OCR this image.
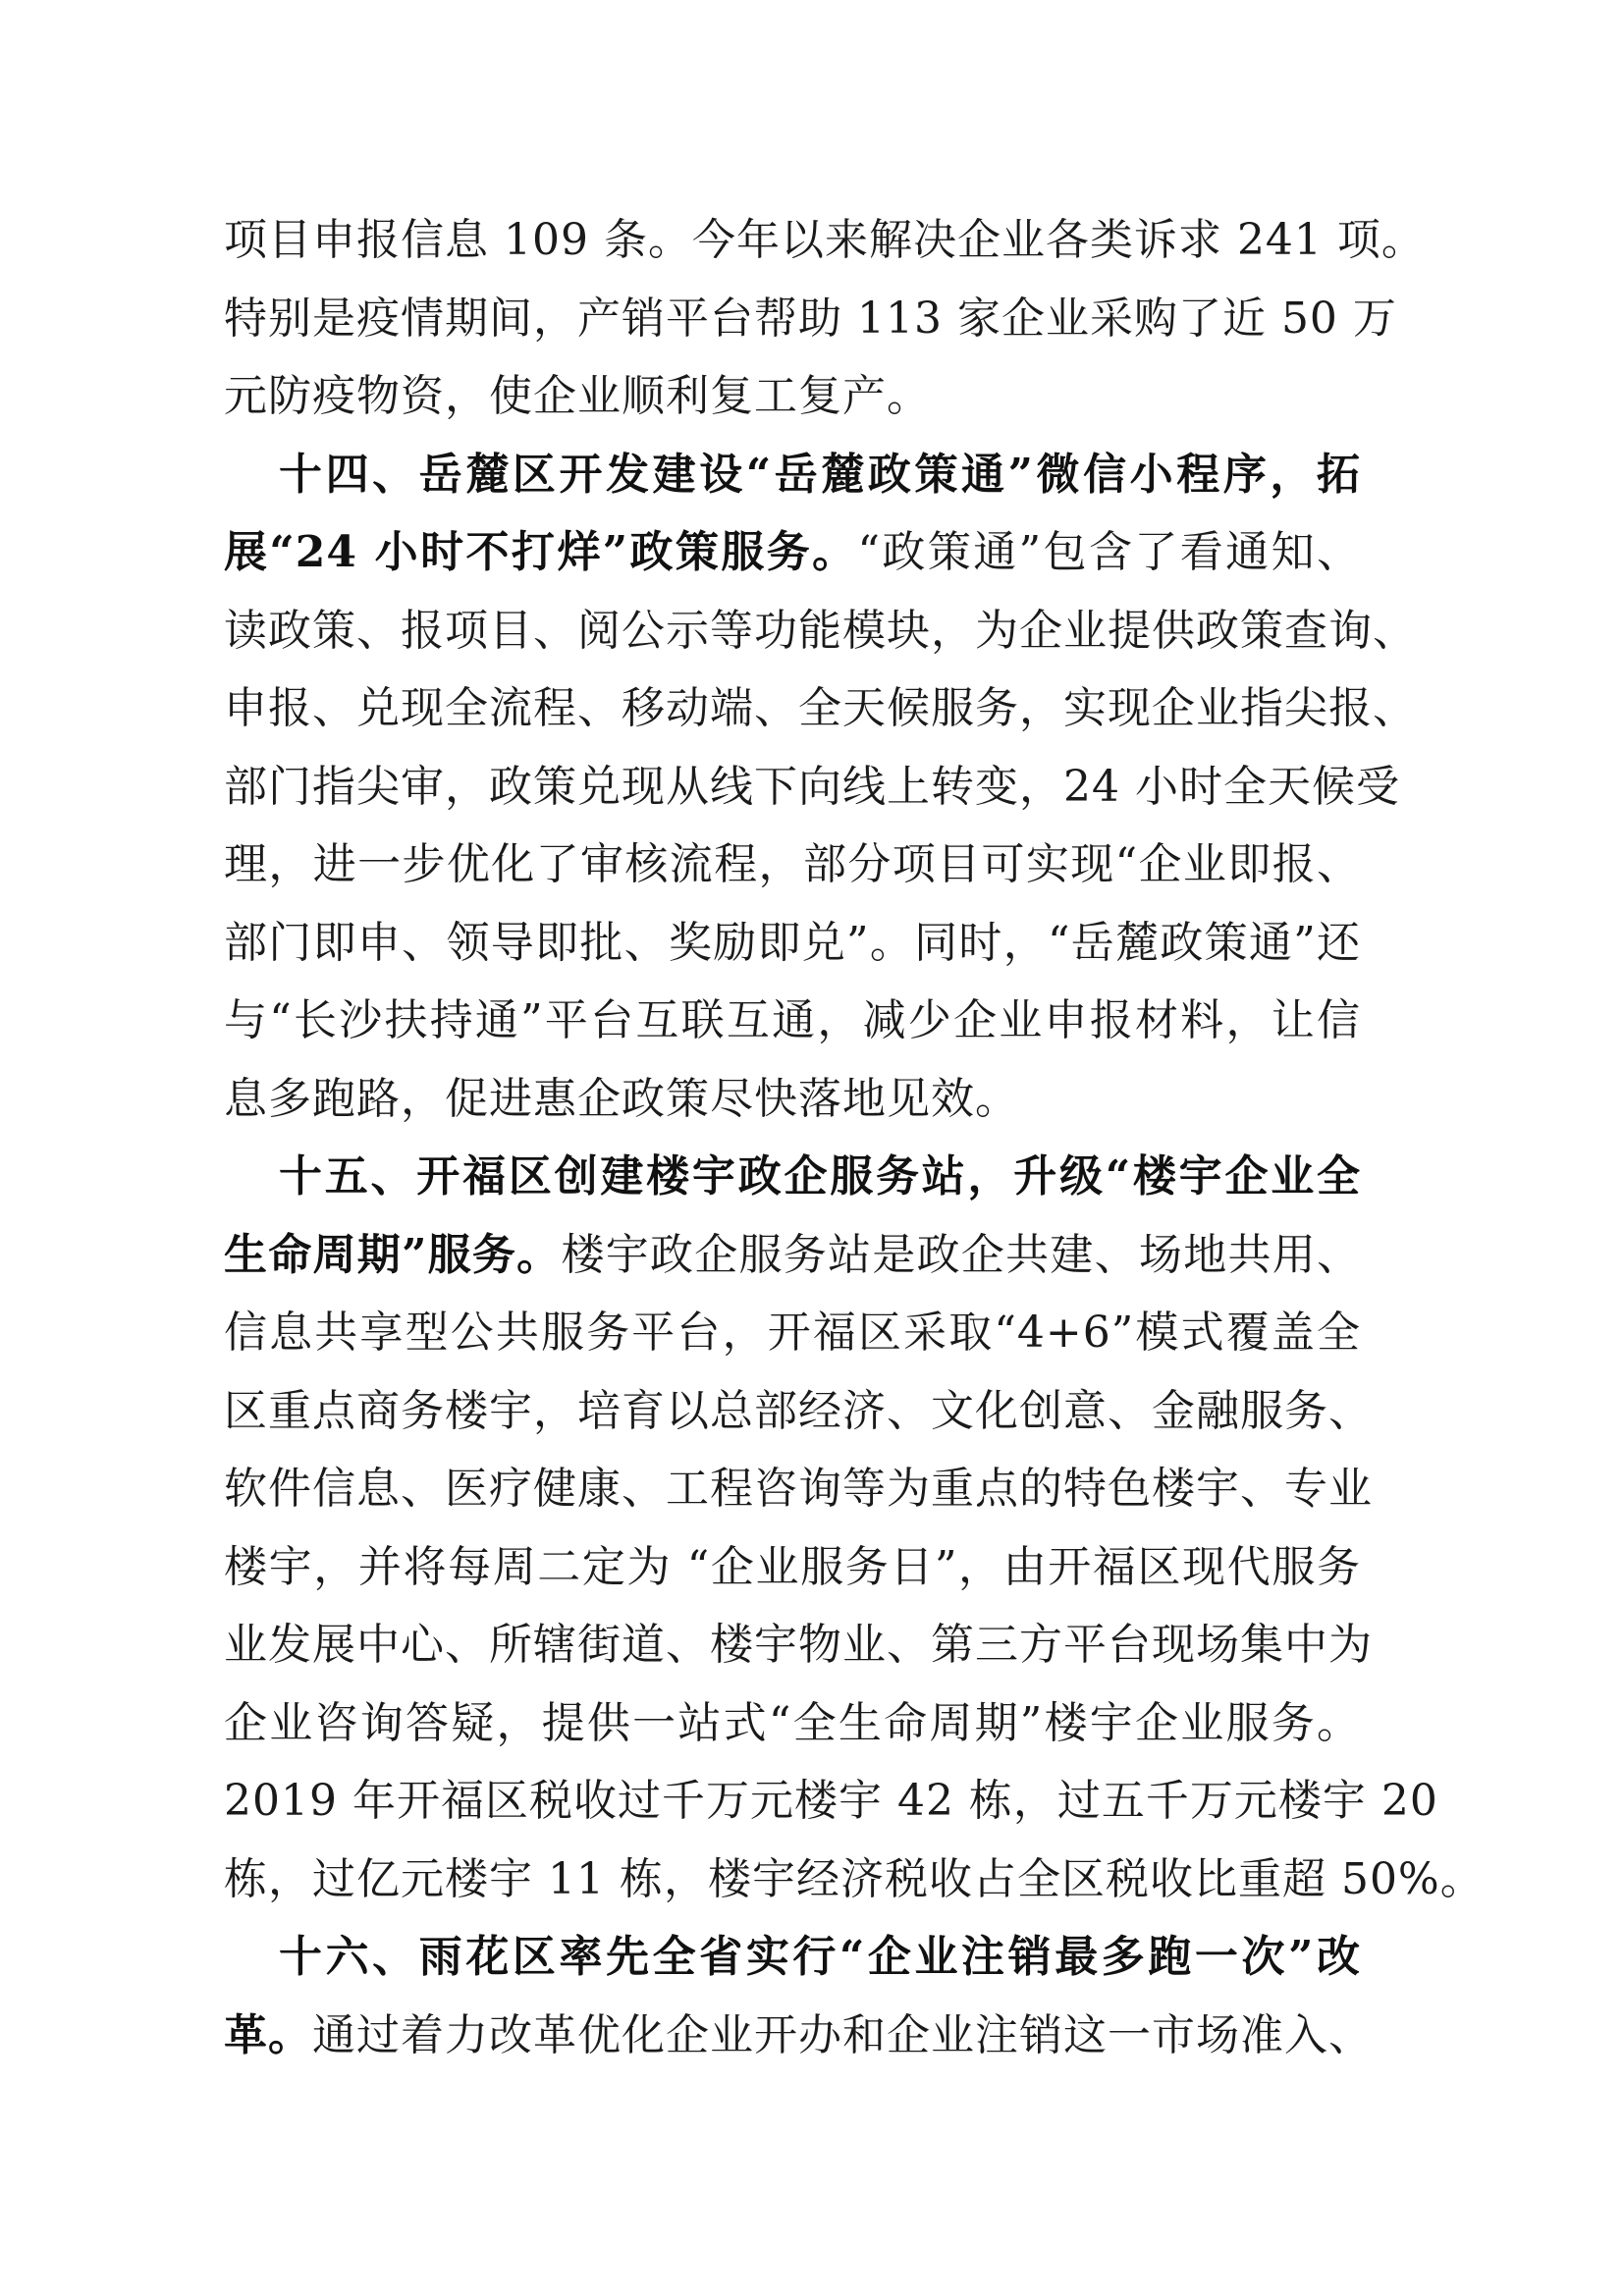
项目申报信息 109 条。今年以来解决企业各类诉求 241 项。
特别是疫情期间，产销平台帮助 113 家企业采购了近 50 万
元防疫物资，使企业顺利复工复产。
十四、岳麓区开发建设“岳麓政策通”微信小程序，拓
展“24 小时不打烊”政策服务。“政策通”包含了看通知、
读政策、报项目、阅公示等功能模块，为企业提供政策查询、
申报、兑现全流程、移动端、全天候服务，实现企业指尖报、
部门指尖审，政策兑现从线下向线上转变，24 小时全天候受
理，进一步优化了审核流程，部分项目可实现“企业即报、
部门即申、领导即批、奖励即兑”。同时，“岳麓政策通”还
与“长沙扶持通”平台互联互通，减少企业申报材料，让信
息多跑路，促进惠企政策尽快落地见效。
十五、开福区创建楼宇政企服务站，升级“楼宇企业全
生命周期”服务。楼宇政企服务站是政企共建、场地共用、
信息共享型公共服务平台，开福区采取“4+6”模式覆盖全
区重点商务楼宇，培育以总部经济、文化创意、金融服务、
软件信息、医疗健康、工程咨询等为重点的特色楼宇、专业
楼宇，并将每周二定为 “企业服务日”，由开福区现代服务
业发展中心、所辖街道、楼宇物业、第三方平台现场集中为
企业咨询答疑，提供一站式“全生命周期”楼宇企业服务。
2019 年开福区税收过千万元楼宇 42 栋，过五千万元楼宇 20
栋，过亿元楼宇 11 栋，楼宇经济税收占全区税收比重超 50%。
十六、雨花区率先全省实行“企业注销最多跑一次”改
革。通过着力改革优化企业开办和企业注销这一市场准入、
